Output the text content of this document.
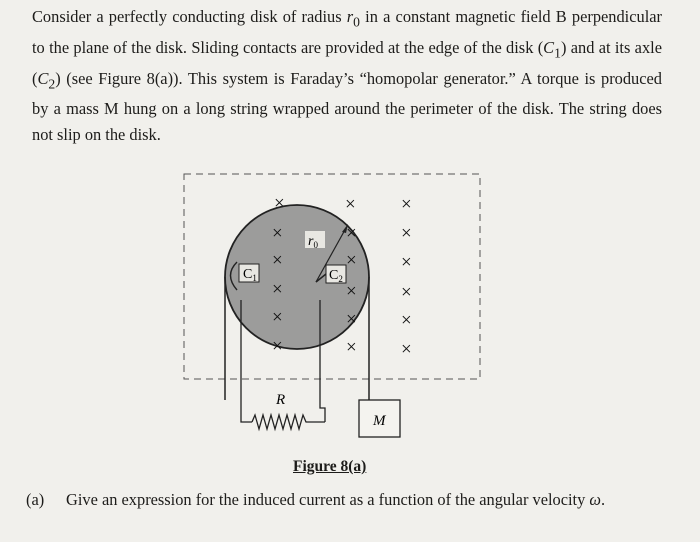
Consider a perfectly conducting disk of radius $r_0$ in a constant magnetic field B perpendicular to the plane of the disk. Sliding contacts are provided at the edge of the disk $(C_1)$ and at its axle $(C_2)$ (see Figure 8(a)). This system is Faraday’s “homopolar generator.” A torque is produced by a mass M hung on a long string wrapped around the perimeter of the disk. The string does not slip on the disk.
$C_1$	$C_2$
$r_0$
R
M
×	× ×
×	× ×
×	× ×
×	× ×
×	× ×
×	× ×
Figure 8(a)
(a) Give an expression for the induced current as a function of the angular velocity ω.
